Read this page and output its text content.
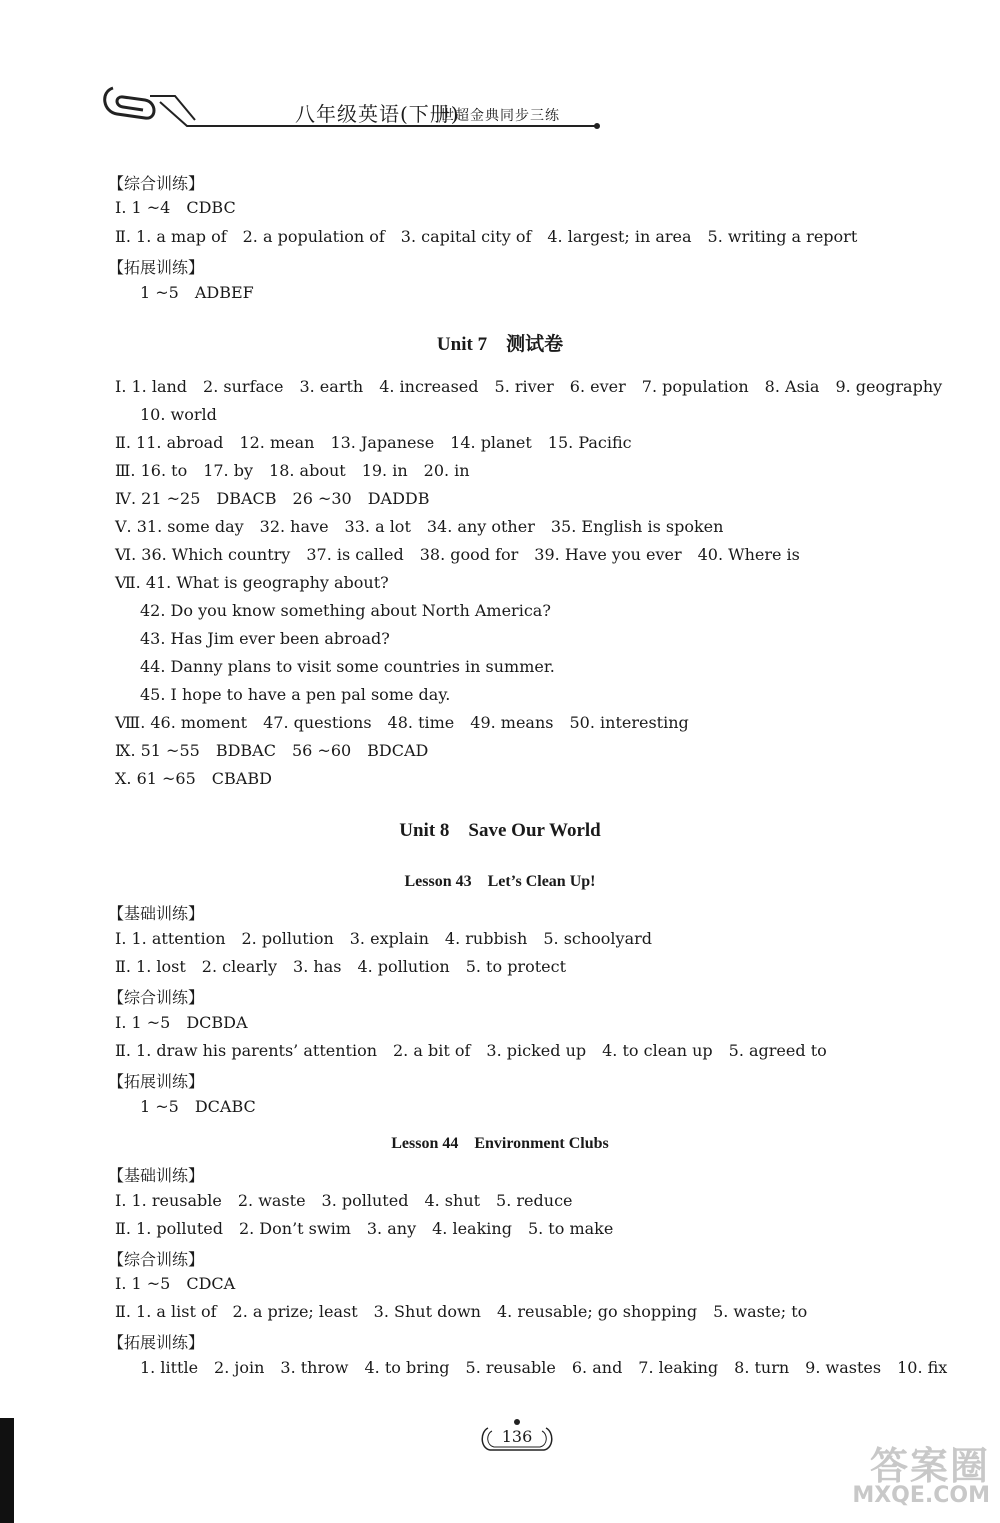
八年级英语(下册)
世超金典同步三练
【综合训练】
Ⅰ. 1 ~4　CDBC
Ⅱ. 1. a map of　2. a population of　3. capital city of　4. largest; in area　5. writing a report
【拓展训练】
1 ~5　ADBEF
Unit 7　测试卷
Ⅰ. 1. land　2. surface　3. earth　4. increased　5. river　6. ever　7. population　8. Asia　9. geography
10. world
Ⅱ. 11. abroad　12. mean　13. Japanese　14. planet　15. Pacific
Ⅲ. 16. to　17. by　18. about　19. in　20. in
Ⅳ. 21 ~25　DBACB　26 ~30　DADDB
Ⅴ. 31. some day　32. have　33. a lot　34. any other　35. English is spoken
Ⅵ. 36. Which country　37. is called　38. good for　39. Have you ever　40. Where is
Ⅶ. 41. What is geography about?
42. Do you know something about North America?
43. Has Jim ever been abroad?
44. Danny plans to visit some countries in summer.
45. I hope to have a pen pal some day.
Ⅷ. 46. moment　47. questions　48. time　49. means　50. interesting
Ⅸ. 51 ~55　BDBAC　56 ~60　BDCAD
Ⅹ. 61 ~65　CBABD
Unit 8　Save Our World
Lesson 43　Let’s Clean Up!
【基础训练】
Ⅰ. 1. attention　2. pollution　3. explain　4. rubbish　5. schoolyard
Ⅱ. 1. lost　2. clearly　3. has　4. pollution　5. to protect
【综合训练】
Ⅰ. 1 ~5　DCBDA
Ⅱ. 1. draw his parents’ attention　2. a bit of　3. picked up　4. to clean up　5. agreed to
【拓展训练】
1 ~5　DCABC
Lesson 44　Environment Clubs
【基础训练】
Ⅰ. 1. reusable　2. waste　3. polluted　4. shut　5. reduce
Ⅱ. 1. polluted　2. Don’t swim　3. any　4. leaking　5. to make
【综合训练】
Ⅰ. 1 ~5　CDCA
Ⅱ. 1. a list of　2. a prize; least　3. Shut down　4. reusable; go shopping　5. waste; to
【拓展训练】
1. little　2. join　3. throw　4. to bring　5. reusable　6. and　7. leaking　8. turn　9. wastes　10. fix
136
答案圈
MXQE.COM
